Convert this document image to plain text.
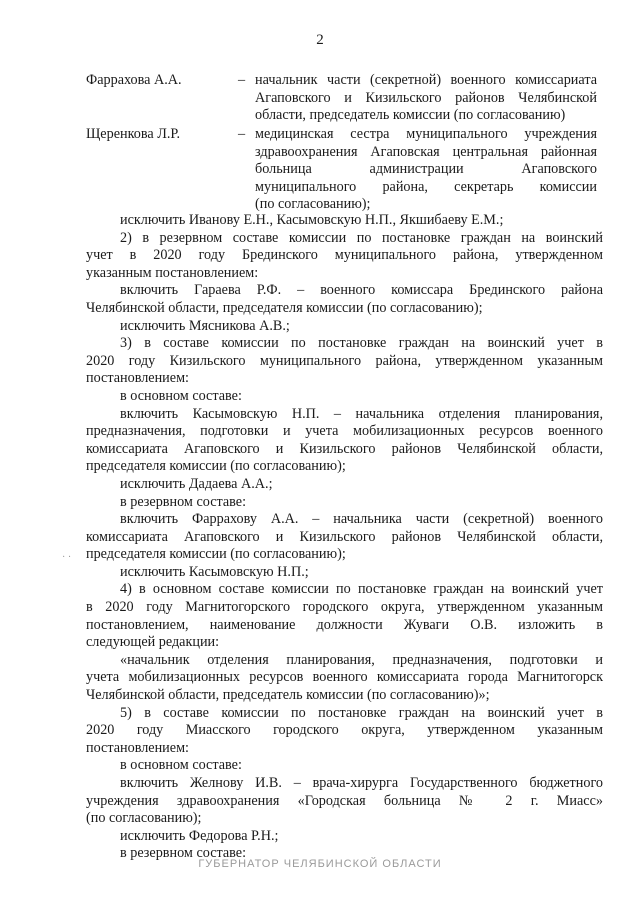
2
Фаррахова А.А.	– начальник части (секретной) военного комиссариата
Агаповского и Кизильского районов Челябинской
области, председатель комиссии (по согласованию)
Щеренкова Л.Р.	– медицинская сестра муниципального учреждения
здравоохранения Агаповская центральная районная
больница администрации Агаповского
муниципального района, секретарь комиссии
(по согласованию);

исключить Иванову Е.Н., Касымовскую Н.П., Якшибаеву Е.М.;

2) в резервном составе комиссии по постановке граждан на воинский
учет в 2020 году Брединского муниципального района, утвержденном
указанным постановлением:

включить Гараева Р.Ф. – военного комиссара Брединского района
Челябинской области, председателя комиссии (по согласованию);

исключить Мясникова А.В.;

3) в составе комиссии по постановке граждан на воинский учет в
2020 году Кизильского муниципального района, утвержденном указанным
постановлением:

в основном составе:

включить Касымовскую Н.П. – начальника отделения планирования,
предназначения, подготовки и учета мобилизационных ресурсов военного
комиссариата Агаповского и Кизильского районов Челябинской области,
председателя комиссии (по согласованию);

исключить Дадаева А.А.;

в резервном составе:

включить Фаррахову А.А. – начальника части (секретной) военного
комиссариата Агаповского и Кизильского районов Челябинской области,
председателя комиссии (по согласованию);

исключить Касымовскую Н.П.;

4) в основном составе комиссии по постановке граждан на воинский учет
в 2020 году Магнитогорского городского округа, утвержденном указанным
постановлением, наименование должности Жуваги О.В. изложить в
следующей редакции:

«начальник отделения планирования, предназначения, подготовки и
учета мобилизационных ресурсов военного комиссариата города Магнитогорск
Челябинской области, председатель комиссии (по согласованию)»;

5) в составе комиссии по постановке граждан на воинский учет в
2020 году Миасского городского округа, утвержденном указанным
постановлением:

в основном составе:

включить Желнову И.В. – врача-хирурга Государственного бюджетного
учреждения здравоохранения «Городская больница № 2 г. Миасс»
(по согласованию);

исключить Федорова Р.Н.;

в резервном составе:

· ·
ГУБЕРНАТОР ЧЕЛЯБИНСКОЙ ОБЛАСТИ
